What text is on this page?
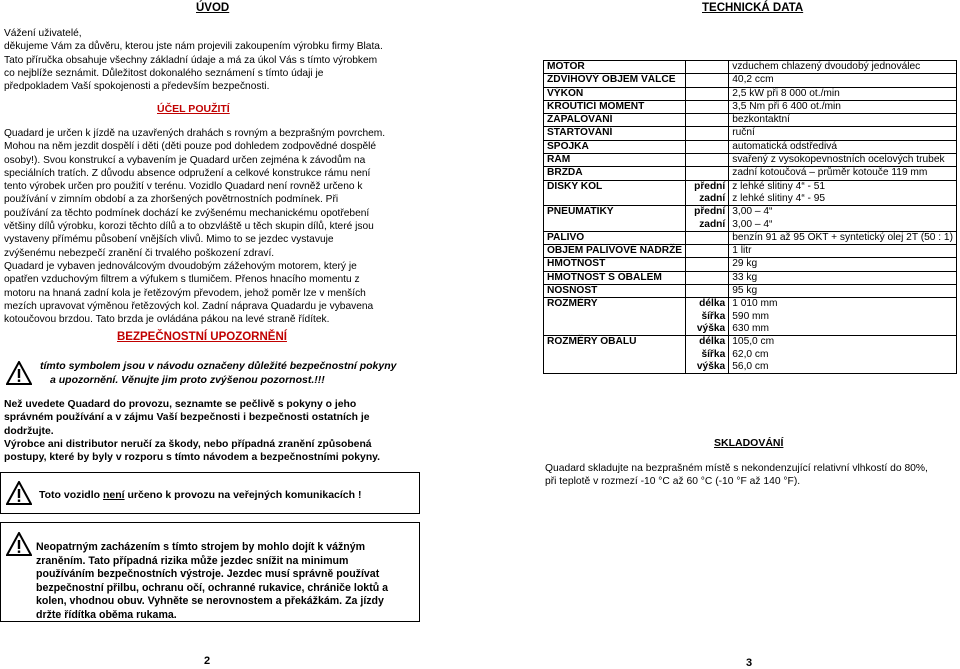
ÚVOD
Vážení uživatelé,
děkujeme Vám za důvěru, kterou jste nám projevili zakoupením výrobku firmy Blata.
Tato příručka obsahuje všechny základní údaje a má za úkol Vás s tímto výrobkem
co nejblíže seznámit. Důležitost dokonalého seznámení s tímto údaji je
předpokladem Vaší spokojenosti a především bezpečnosti.
ÚČEL POUŽITÍ
Quadard je určen k jízdě na uzavřených drahách s rovným a bezprašným povrchem.
Mohou na něm jezdit dospělí i děti (děti pouze pod dohledem zodpovědné dospělé
osoby!). Svou konstrukcí a vybavením je Quadard určen zejména k závodům na
speciálních tratích. Z důvodu absence odpružení a celkové konstrukce rámu není
tento výrobek určen pro použití v terénu. Vozidlo Quadard není rovněž určeno k
používání v zimním období a za zhoršených povětrnostních podmínek. Při
používání za těchto podmínek dochází ke zvýšenému mechanickému opotřebení
většiny dílů výrobku, korozi těchto dílů a to obzvláště u těch skupin dílů, které jsou
vystaveny přímému působení vnějších vlivů. Mimo to se jezdec vystavuje
zvýšenému nebezpečí zranění či trvalého poškození zdraví.
Quadard je vybaven jednoválcovým dvoudobým zážehovým motorem, který je
opatřen vzduchovým filtrem a výfukem s tlumičem. Přenos hnacího momentu z
motoru na hnaná zadní kola je řetězovým převodem, jehož poměr lze v menších
mezích upravovat výměnou řetězových kol. Zadní náprava Quadardu je vybavena
kotoučovou brzdou. Tato brzda je ovládána pákou na levé straně řídítek.
BEZPEČNOSTNÍ UPOZORNĚNÍ
tímto symbolem jsou v návodu označeny důležité bezpečnostní pokyny
a upozornění. Věnujte jim proto zvýšenou pozornost.!!!
Než uvedete Quadard do provozu, seznamte se pečlivě s pokyny o jeho
správném používání a v zájmu Vaší bezpečnosti i bezpečnosti ostatních je
dodržujte.
Výrobce ani distributor neručí za škody, nebo případná zranění způsobená
postupy, které by byly v rozporu s tímto návodem a bezpečnostními pokyny.
Toto vozidlo není určeno k provozu na veřejných komunikacích !
Neopatrným zacházením s tímto strojem by mohlo dojít k vážným
zraněním. Tato případná rizika může jezdec snížit na minimum
používáním bezpečnostních výstroje. Jezdec musí správně používat
bezpečnostní přilbu, ochranu očí, ochranné rukavice, chrániče loktů a
kolen, vhodnou obuv. Vyhněte se nerovnostem a překážkám. Za jízdy
držte řídítka oběma rukama.
2
TECHNICKÁ DATA
MOTOR		vzduchem chlazený dvoudobý jednoválec
ZDVIHOVÝ OBJEM VÁLCE		40,2 ccm
VÝKON		2,5 kW při 8 000 ot./min
KROUTÍCÍ MOMENT		3,5 Nm při 6 400 ot./min
ZAPALOVÁNÍ		bezkontaktní
STARTOVÁNÍ		ruční
SPOJKA		automatická odstředivá
RÁM		svařený z vysokopevnostních ocelových trubek
BRZDA		zadní kotoučová – průměr kotouče 119 mm
DISKY KOL	přední	z lehké slitiny 4“ - 51
	zadní	z lehké slitiny 4“ - 95
PNEUMATIKY	přední	3,00 – 4“
	zadní	3,00 – 4“
PALIVO		benzín 91 až 95 OKT + syntetický olej 2T (50 : 1)
OBJEM PALIVOVÉ NÁDRŽE		1 litr
HMOTNOST		29 kg
HMOTNOST S OBALEM		33 kg
NOSNOST		95 kg
ROZMĚRY	délka	1 010 mm
	šířka	590 mm
	výška	630 mm
ROZMĚRY OBALU	délka	105,0 cm
	šířka	62,0 cm
	výška	56,0 cm
SKLADOVÁNÍ
Quadard skladujte na bezprašném místě s nekondenzující relativní vlhkostí do 80%,
při teplotě v rozmezí -10 °C až 60 °C (-10 °F až 140 °F).
3
